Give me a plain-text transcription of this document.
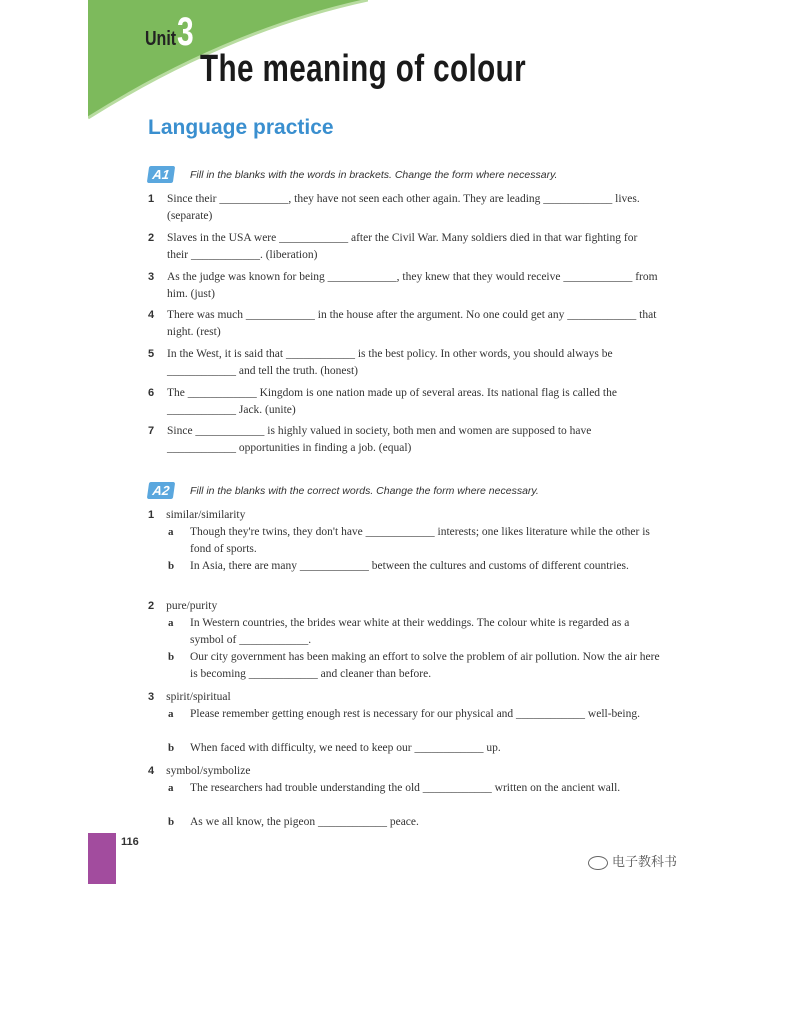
Unit 3
The meaning of colour
Language practice
A1	Fill in the blanks with the words in brackets. Change the form where necessary.
1 Since their ____________, they have not seen each other again. They are leading ____________ lives. (separate)
2 Slaves in the USA were ____________ after the Civil War. Many soldiers died in that war fighting for their ____________. (liberation)
3 As the judge was known for being ____________, they knew that they would receive ____________ from him. (just)
4 There was much ____________ in the house after the argument. No one could get any ____________ that night. (rest)
5 In the West, it is said that ____________ is the best policy. In other words, you should always be ____________ and tell the truth. (honest)
6 The ____________ Kingdom is one nation made up of several areas. Its national flag is called the ____________ Jack. (unite)
7 Since ____________ is highly valued in society, both men and women are supposed to have ____________ opportunities in finding a job. (equal)
A2	Fill in the blanks with the correct words. Change the form where necessary.
1 similar/similarity
a Though they're twins, they don't have ____________ interests; one likes literature while the other is fond of sports.
b In Asia, there are many ____________ between the cultures and customs of different countries.
2 pure/purity
a In Western countries, the brides wear white at their weddings. The colour white is regarded as a symbol of ____________.
b Our city government has been making an effort to solve the problem of air pollution. Now the air here is becoming ____________ and cleaner than before.
3 spirit/spiritual
a Please remember getting enough rest is necessary for our physical and ____________ well-being.
b When faced with difficulty, we need to keep our ____________ up.
4 symbol/symbolize
a The researchers had trouble understanding the old ____________ written on the ancient wall.
b As we all know, the pigeon ____________ peace.
116
电子教科书
